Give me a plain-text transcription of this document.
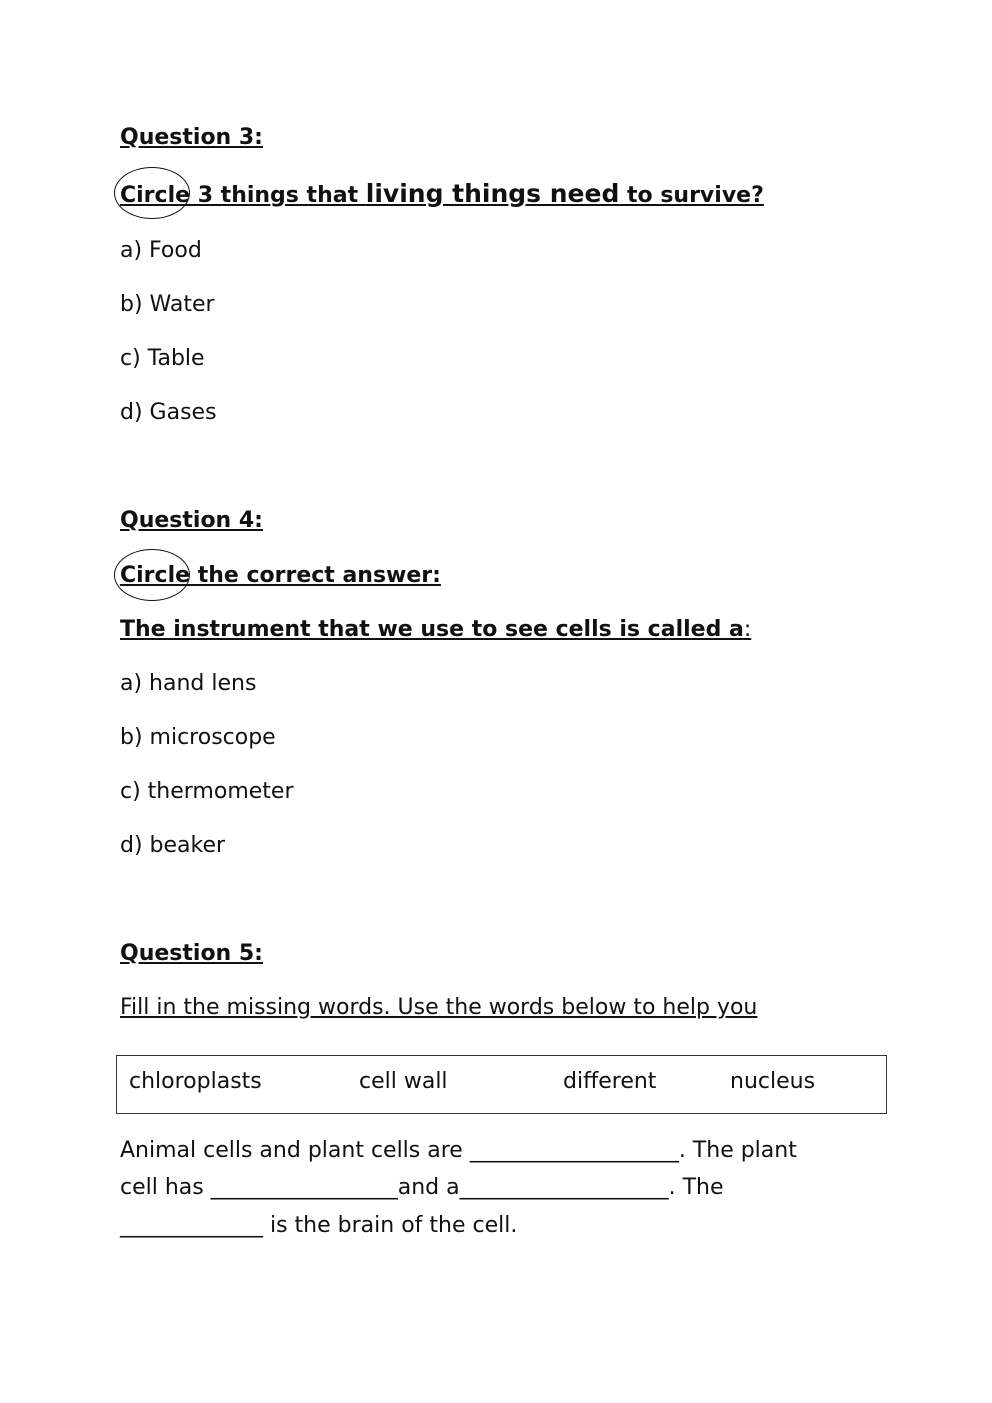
Question 3:
Circle 3 things that living things need to survive?
a) Food
b) Water
c) Table
d) Gases
Question 4:
Circle the correct answer:
The instrument that we use to see cells is called a:
a) hand lens
b) microscope
c) thermometer
d) beaker
Question 5:
Fill in the missing words. Use the words below to help you
chloroplasts	cell wall	different	nucleus
Animal cells and plant cells are ___________________. The plant
cell has _________________and a___________________. The
_____________ is the brain of the cell.
